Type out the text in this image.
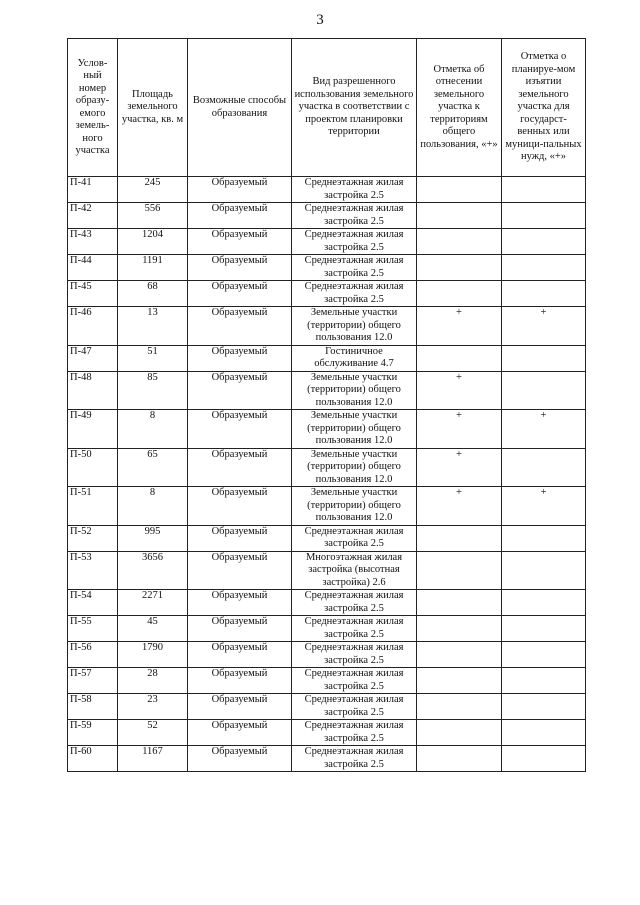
3
Услов-ный номер образу-емого земель-ного участка	Площадь земельного участка, кв. м	Возможные способы образования	Вид разрешенного использования земельного участка в соответствии с проектом планировки территории	Отметка об отнесении земельного участка к территориям общего пользования, «+»	Отметка о планируе-мом изъятии земельного участка для государст-венных или муници-пальных нужд, «+»
П-41	245	Образуемый	Среднеэтажная жилая застройка 2.5		
П-42	556	Образуемый	Среднеэтажная жилая застройка 2.5		
П-43	1204	Образуемый	Среднеэтажная жилая застройка 2.5		
П-44	1191	Образуемый	Среднеэтажная жилая застройка 2.5		
П-45	68	Образуемый	Среднеэтажная жилая застройка 2.5		
П-46	13	Образуемый	Земельные участки (территории) общего пользования 12.0	+	+
П-47	51	Образуемый	Гостиничное обслуживание 4.7		
П-48	85	Образуемый	Земельные участки (территории) общего пользования 12.0	+	
П-49	8	Образуемый	Земельные участки (территории) общего пользования 12.0	+	+
П-50	65	Образуемый	Земельные участки (территории) общего пользования 12.0	+	
П-51	8	Образуемый	Земельные участки (территории) общего пользования 12.0	+	+
П-52	995	Образуемый	Среднеэтажная жилая застройка 2.5		
П-53	3656	Образуемый	Многоэтажная жилая застройка (высотная застройка) 2.6		
П-54	2271	Образуемый	Среднеэтажная жилая застройка 2.5		
П-55	45	Образуемый	Среднеэтажная жилая застройка 2.5		
П-56	1790	Образуемый	Среднеэтажная жилая застройка 2.5		
П-57	28	Образуемый	Среднеэтажная жилая застройка 2.5		
П-58	23	Образуемый	Среднеэтажная жилая застройка 2.5		
П-59	52	Образуемый	Среднеэтажная жилая застройка 2.5		
П-60	1167	Образуемый	Среднеэтажная жилая застройка 2.5		
